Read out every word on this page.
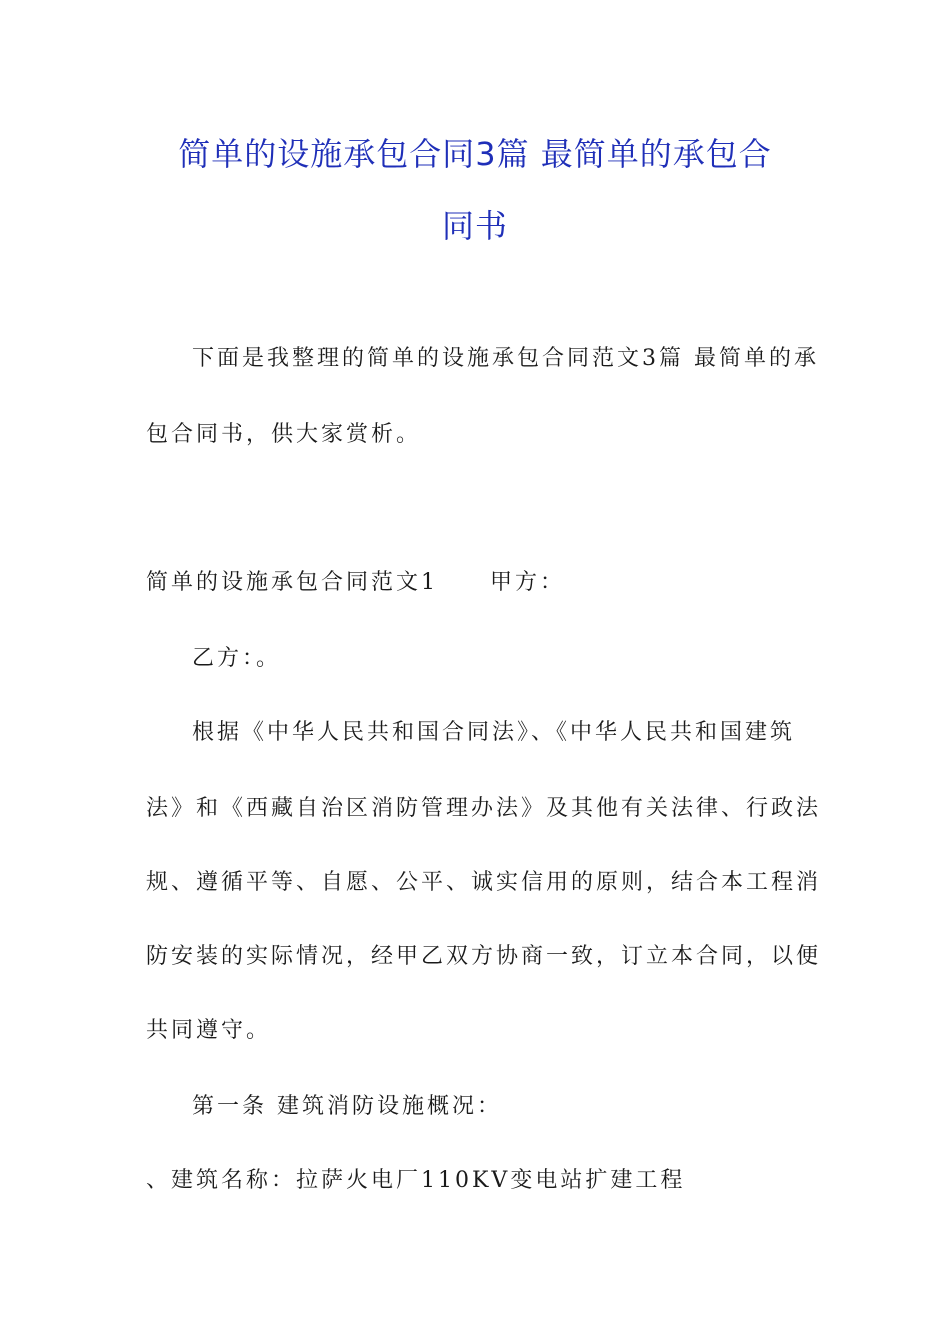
简单的设施承包合同3篇 最简单的承包合
同书

下面是我整理的简单的设施承包合同范文3篇 最简单的承

包合同书，供大家赏析。

简单的设施承包合同范文1 甲方：

乙方：。

根据《中华人民共和国合同法》、《中华人民共和国建筑

法》和《西藏自治区消防管理办法》及其他有关法律、行政法

规、遵循平等、自愿、公平、诚实信用的原则，结合本工程消

防安装的实际情况，经甲乙双方协商一致，订立本合同，以便

共同遵守。

第一条 建筑消防设施概况：

、建筑名称：拉萨火电厂110KV变电站扩建工程
